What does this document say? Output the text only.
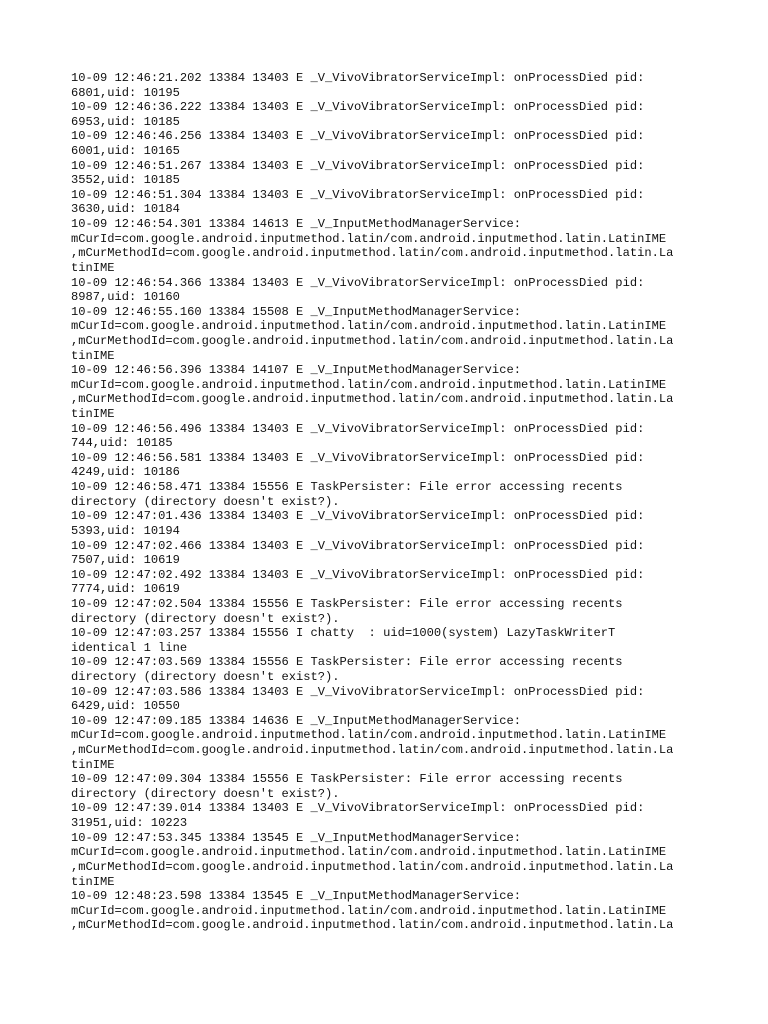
10-09 12:46:21.202 13384 13403 E _V_VivoVibratorServiceImpl: onProcessDied pid:
6801,uid: 10195
10-09 12:46:36.222 13384 13403 E _V_VivoVibratorServiceImpl: onProcessDied pid:
6953,uid: 10185
10-09 12:46:46.256 13384 13403 E _V_VivoVibratorServiceImpl: onProcessDied pid:
6001,uid: 10165
10-09 12:46:51.267 13384 13403 E _V_VivoVibratorServiceImpl: onProcessDied pid:
3552,uid: 10185
10-09 12:46:51.304 13384 13403 E _V_VivoVibratorServiceImpl: onProcessDied pid:
3630,uid: 10184
10-09 12:46:54.301 13384 14613 E _V_InputMethodManagerService:
mCurId=com.google.android.inputmethod.latin/com.android.inputmethod.latin.LatinIME
,mCurMethodId=com.google.android.inputmethod.latin/com.android.inputmethod.latin.La
tinIME
10-09 12:46:54.366 13384 13403 E _V_VivoVibratorServiceImpl: onProcessDied pid:
8987,uid: 10160
10-09 12:46:55.160 13384 15508 E _V_InputMethodManagerService:
mCurId=com.google.android.inputmethod.latin/com.android.inputmethod.latin.LatinIME
,mCurMethodId=com.google.android.inputmethod.latin/com.android.inputmethod.latin.La
tinIME
10-09 12:46:56.396 13384 14107 E _V_InputMethodManagerService:
mCurId=com.google.android.inputmethod.latin/com.android.inputmethod.latin.LatinIME
,mCurMethodId=com.google.android.inputmethod.latin/com.android.inputmethod.latin.La
tinIME
10-09 12:46:56.496 13384 13403 E _V_VivoVibratorServiceImpl: onProcessDied pid:
744,uid: 10185
10-09 12:46:56.581 13384 13403 E _V_VivoVibratorServiceImpl: onProcessDied pid:
4249,uid: 10186
10-09 12:46:58.471 13384 15556 E TaskPersister: File error accessing recents
directory (directory doesn't exist?).
10-09 12:47:01.436 13384 13403 E _V_VivoVibratorServiceImpl: onProcessDied pid:
5393,uid: 10194
10-09 12:47:02.466 13384 13403 E _V_VivoVibratorServiceImpl: onProcessDied pid:
7507,uid: 10619
10-09 12:47:02.492 13384 13403 E _V_VivoVibratorServiceImpl: onProcessDied pid:
7774,uid: 10619
10-09 12:47:02.504 13384 15556 E TaskPersister: File error accessing recents
directory (directory doesn't exist?).
10-09 12:47:03.257 13384 15556 I chatty  : uid=1000(system) LazyTaskWriterT
identical 1 line
10-09 12:47:03.569 13384 15556 E TaskPersister: File error accessing recents
directory (directory doesn't exist?).
10-09 12:47:03.586 13384 13403 E _V_VivoVibratorServiceImpl: onProcessDied pid:
6429,uid: 10550
10-09 12:47:09.185 13384 14636 E _V_InputMethodManagerService:
mCurId=com.google.android.inputmethod.latin/com.android.inputmethod.latin.LatinIME
,mCurMethodId=com.google.android.inputmethod.latin/com.android.inputmethod.latin.La
tinIME
10-09 12:47:09.304 13384 15556 E TaskPersister: File error accessing recents
directory (directory doesn't exist?).
10-09 12:47:39.014 13384 13403 E _V_VivoVibratorServiceImpl: onProcessDied pid:
31951,uid: 10223
10-09 12:47:53.345 13384 13545 E _V_InputMethodManagerService:
mCurId=com.google.android.inputmethod.latin/com.android.inputmethod.latin.LatinIME
,mCurMethodId=com.google.android.inputmethod.latin/com.android.inputmethod.latin.La
tinIME
10-09 12:48:23.598 13384 13545 E _V_InputMethodManagerService:
mCurId=com.google.android.inputmethod.latin/com.android.inputmethod.latin.LatinIME
,mCurMethodId=com.google.android.inputmethod.latin/com.android.inputmethod.latin.La
